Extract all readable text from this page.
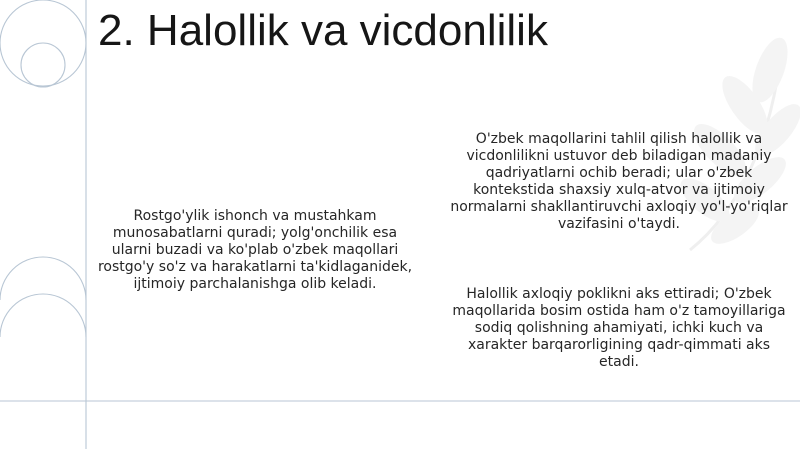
2. Halollik va vicdonlilik

Rostgo'ylik ishonch va mustahkam munosabatlarni quradi; yolg'onchilik esa ularni buzadi va ko'plab o'zbek maqollari rostgo'y so'z va harakatlarni ta'kidlaganidek, ijtimoiy parchalanishga olib keladi.

O'zbek maqollarini tahlil qilish halollik va vicdonlilikni ustuvor deb biladigan madaniy qadriyatlarni ochib beradi; ular o'zbek kontekstida shaxsiy xulq-atvor va ijtimoiy normalarni shakllantiruvchi axloqiy yo'l-yo'riqlar vazifasini o'taydi.

Halollik axloqiy poklikni aks ettiradi; O'zbek maqollarida bosim ostida ham o'z tamoyillariga sodiq qolishning ahamiyati, ichki kuch va xarakter barqarorligining qadr-qimmati aks etadi.
